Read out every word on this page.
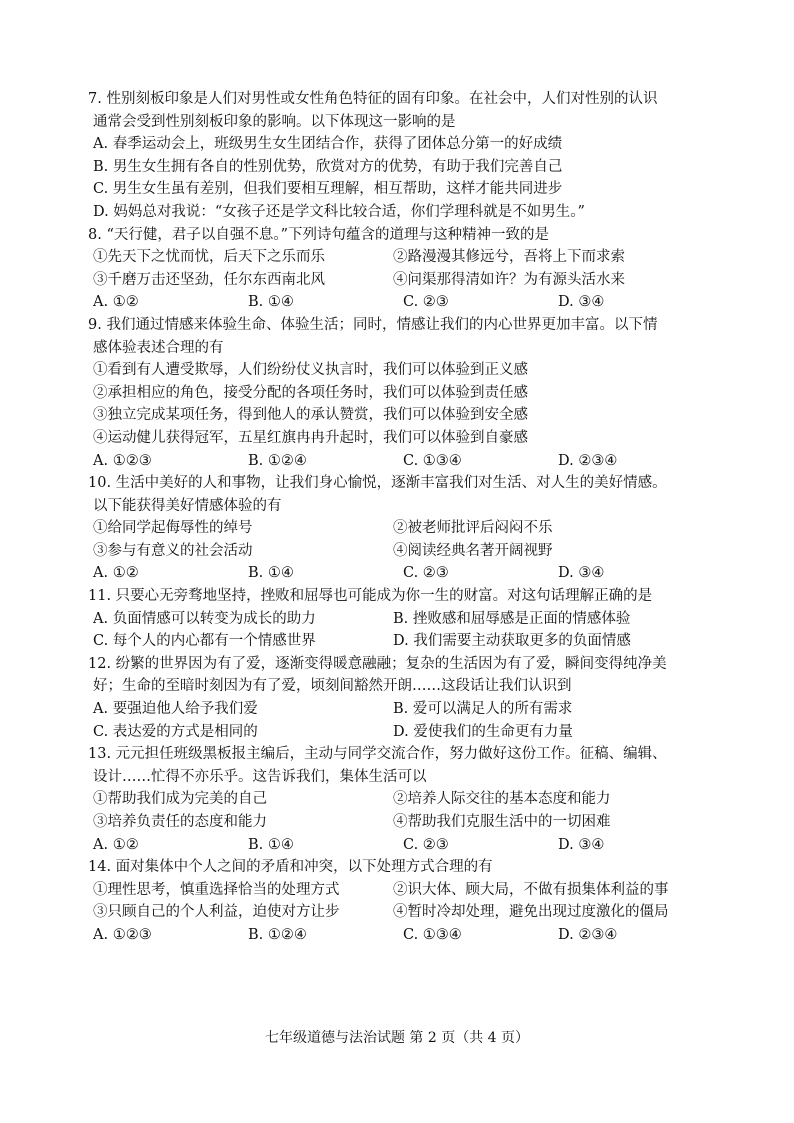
7. 性别刻板印象是人们对男性或女性角色特征的固有印象。在社会中，人们对性别的认识

通常会受到性别刻板印象的影响。以下体现这一影响的是

A. 春季运动会上，班级男生女生团结合作，获得了团体总分第一的好成绩

B. 男生女生拥有各自的性别优势，欣赏对方的优势，有助于我们完善自己

C. 男生女生虽有差别，但我们要相互理解，相互帮助，这样才能共同进步

D. 妈妈总对我说：“女孩子还是学文科比较合适，你们学理科就是不如男生。”

8. “天行健，君子以自强不息。”下列诗句蕴含的道理与这种精神一致的是

①先天下之忧而忧，后天下之乐而乐	②路漫漫其修远兮，吾将上下而求索
③千磨万击还坚劲，任尔东西南北风	④问渠那得清如许？为有源头活水来
A. ①②	B. ①④	C. ②③	D. ③④

9. 我们通过情感来体验生命、体验生活；同时，情感让我们的内心世界更加丰富。以下情

感体验表述合理的有

①看到有人遭受欺辱，人们纷纷仗义执言时，我们可以体验到正义感

②承担相应的角色，接受分配的各项任务时，我们可以体验到责任感

③独立完成某项任务，得到他人的承认赞赏，我们可以体验到安全感

④运动健儿获得冠军，五星红旗冉冉升起时，我们可以体验到自豪感

A. ①②③	B. ①②④	C. ①③④	D. ②③④

10. 生活中美好的人和事物，让我们身心愉悦，逐渐丰富我们对生活、对人生的美好情感。

以下能获得美好情感体验的有

①给同学起侮辱性的绰号	②被老师批评后闷闷不乐
③参与有意义的社会活动	④阅读经典名著开阔视野
A. ①②	B. ①④	C. ②③	D. ③④

11. 只要心无旁骛地坚持，挫败和屈辱也可能成为你一生的财富。对这句话理解正确的是

A. 负面情感可以转变为成长的助力	B. 挫败感和屈辱感是正面的情感体验
C. 每个人的内心都有一个情感世界	D. 我们需要主动获取更多的负面情感

12. 纷繁的世界因为有了爱，逐渐变得暖意融融；复杂的生活因为有了爱，瞬间变得纯净美

好；生命的至暗时刻因为有了爱，顷刻间豁然开朗……这段话让我们认识到

A. 要强迫他人给予我们爱	B. 爱可以满足人的所有需求
C. 表达爱的方式是相同的	D. 爱使我们的生命更有力量

13. 元元担任班级黑板报主编后，主动与同学交流合作，努力做好这份工作。征稿、编辑、

设计……忙得不亦乐乎。这告诉我们，集体生活可以

①帮助我们成为完美的自己	②培养人际交往的基本态度和能力
③培养负责任的态度和能力	④帮助我们克服生活中的一切困难
A. ①②	B. ①④	C. ②③	D. ③④

14. 面对集体中个人之间的矛盾和冲突，以下处理方式合理的有

①理性思考，慎重选择恰当的处理方式	②识大体、顾大局，不做有损集体利益的事
③只顾自己的个人利益，迫使对方让步	④暂时冷却处理，避免出现过度激化的僵局
A. ①②③	B. ①②④	C. ①③④	D. ②③④
七年级道德与法治试题 第 2 页（共 4 页）
